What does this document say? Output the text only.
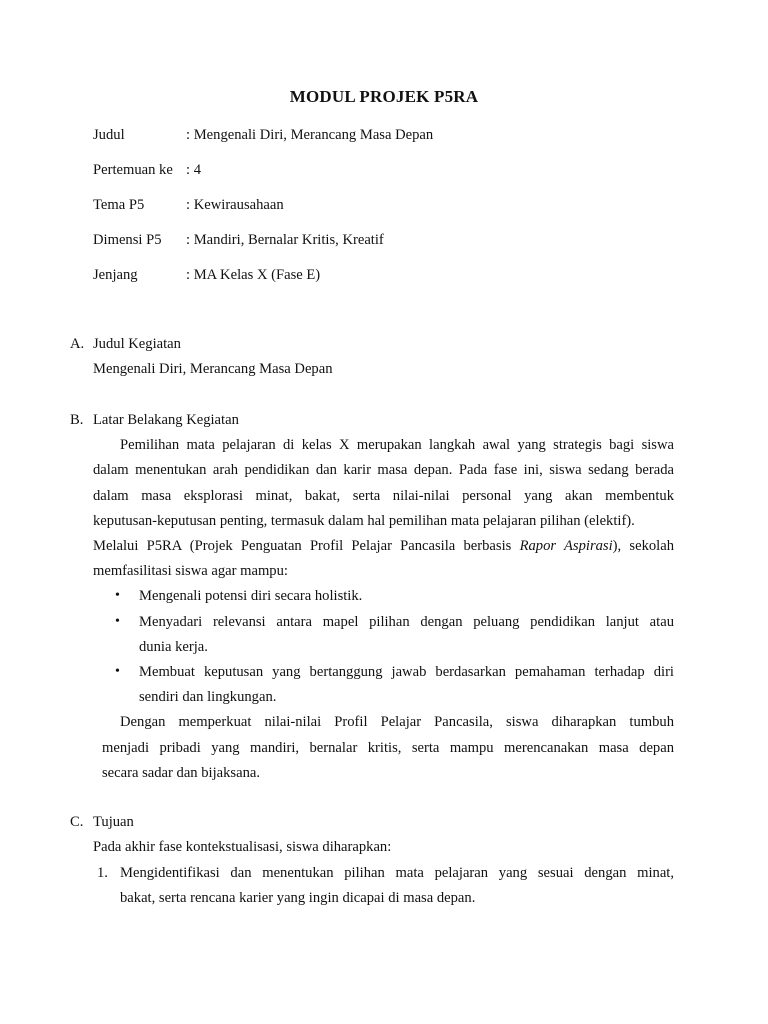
MODUL PROJEK P5RA
Judul	: Mengenali Diri, Merancang Masa Depan
Pertemuan ke : 4
Tema P5	: Kewirausahaan
Dimensi P5 : Mandiri, Bernalar Kritis, Kreatif
Jenjang	: MA Kelas X (Fase E)
A. Judul Kegiatan
Mengenali Diri, Merancang Masa Depan
B. Latar Belakang Kegiatan
Pemilihan mata pelajaran di kelas X merupakan langkah awal yang strategis bagi siswa
dalam menentukan arah pendidikan dan karir masa depan. Pada fase ini, siswa sedang berada
dalam masa eksplorasi minat, bakat, serta nilai-nilai personal yang akan membentuk
keputusan-keputusan penting, termasuk dalam hal pemilihan mata pelajaran pilihan (elektif).
Melalui P5RA (Projek Penguatan Profil Pelajar Pancasila berbasis Rapor Aspirasi), sekolah
memfasilitasi siswa agar mampu:
• Mengenali potensi diri secara holistik.
• Menyadari relevansi antara mapel pilihan dengan peluang pendidikan lanjut atau
dunia kerja.
• Membuat keputusan yang bertanggung jawab berdasarkan pemahaman terhadap diri
sendiri dan lingkungan.
Dengan memperkuat nilai-nilai Profil Pelajar Pancasila, siswa diharapkan tumbuh
menjadi pribadi yang mandiri, bernalar kritis, serta mampu merencanakan masa depan
secara sadar dan bijaksana.
C. Tujuan
Pada akhir fase kontekstualisasi, siswa diharapkan:
1. Mengidentifikasi dan menentukan pilihan mata pelajaran yang sesuai dengan minat,
bakat, serta rencana karier yang ingin dicapai di masa depan.
